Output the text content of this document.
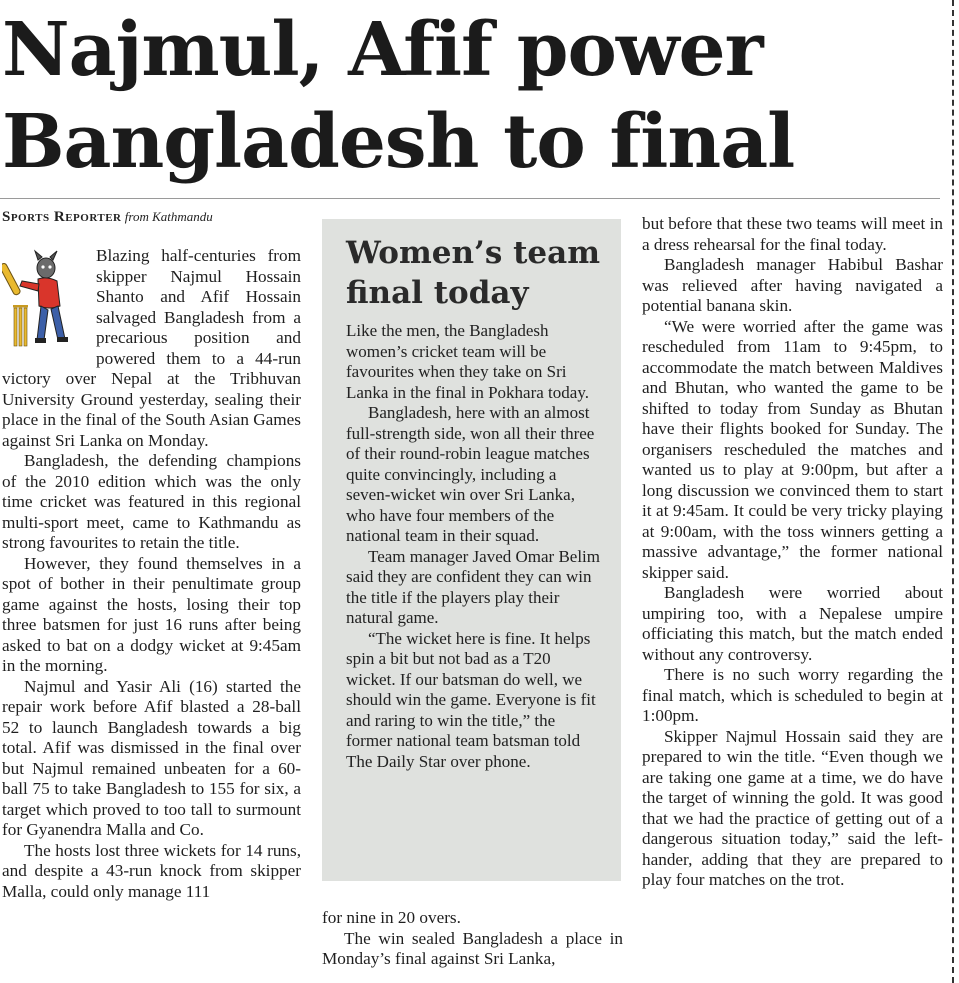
Najmul, Afif power
Bangladesh to final
Sports Reporter from Kathmandu

Blazing half-centuries from skipper Najmul Hossain Shanto and Afif Hossain salvaged Bangladesh from a precarious position and powered them to a 44-run victory over Nepal at the Tribhuvan University Ground yesterday, sealing their place in the final of the South Asian Games against Sri Lanka on Monday.

Bangladesh, the defending champions of the 2010 edition which was the only time cricket was featured in this regional multi-sport meet, came to Kathmandu as strong favourites to retain the title.

However, they found themselves in a spot of bother in their penultimate group game against the hosts, losing their top three batsmen for just 16 runs after being asked to bat on a dodgy wicket at 9:45am in the morning.

Najmul and Yasir Ali (16) started the repair work before Afif blasted a 28-ball 52 to launch Bangladesh towards a big total. Afif was dismissed in the final over but Najmul remained unbeaten for a 60-ball 75 to take Bangladesh to 155 for six, a target which proved to too tall to surmount for Gyanendra Malla and Co.

The hosts lost three wickets for 14 runs, and despite a 43-run knock from skipper Malla, could only manage 111

Women’s team final today

Like the men, the Bangladesh women’s cricket team will be favourites when they take on Sri Lanka in the final in Pokhara today.

Bangladesh, here with an almost full-strength side, won all their three of their round-robin league matches quite convincingly, including a seven-wicket win over Sri Lanka, who have four members of the national team in their squad.

Team manager Javed Omar Belim said they are confident they can win the title if the players play their natural game.

“The wicket here is fine. It helps spin a bit but not bad as a T20 wicket. If our batsman do well, we should win the game. Everyone is fit and raring to win the title,” the former national team batsman told The Daily Star over phone.

for nine in 20 overs.

The win sealed Bangladesh a place in Monday’s final against Sri Lanka,

but before that these two teams will meet in a dress rehearsal for the final today.

Bangladesh manager Habibul Bashar was relieved after having navigated a potential banana skin.

“We were worried after the game was rescheduled from 11am to 9:45pm, to accommodate the match between Maldives and Bhutan, who wanted the game to be shifted to today from Sunday as Bhutan have their flights booked for Sunday. The organisers rescheduled the matches and wanted us to play at 9:00pm, but after a long discussion we convinced them to start it at 9:45am. It could be very tricky playing at 9:00am, with the toss winners getting a massive advantage,” the former national skipper said.

Bangladesh were worried about umpiring too, with a Nepalese umpire officiating this match, but the match ended without any controversy.

There is no such worry regarding the final match, which is scheduled to begin at 1:00pm.

Skipper Najmul Hossain said they are prepared to win the title. “Even though we are taking one game at a time, we do have the target of winning the gold. It was good that we had the practice of getting out of a dangerous situation today,” said the left-hander, adding that they are prepared to play four matches on the trot.
